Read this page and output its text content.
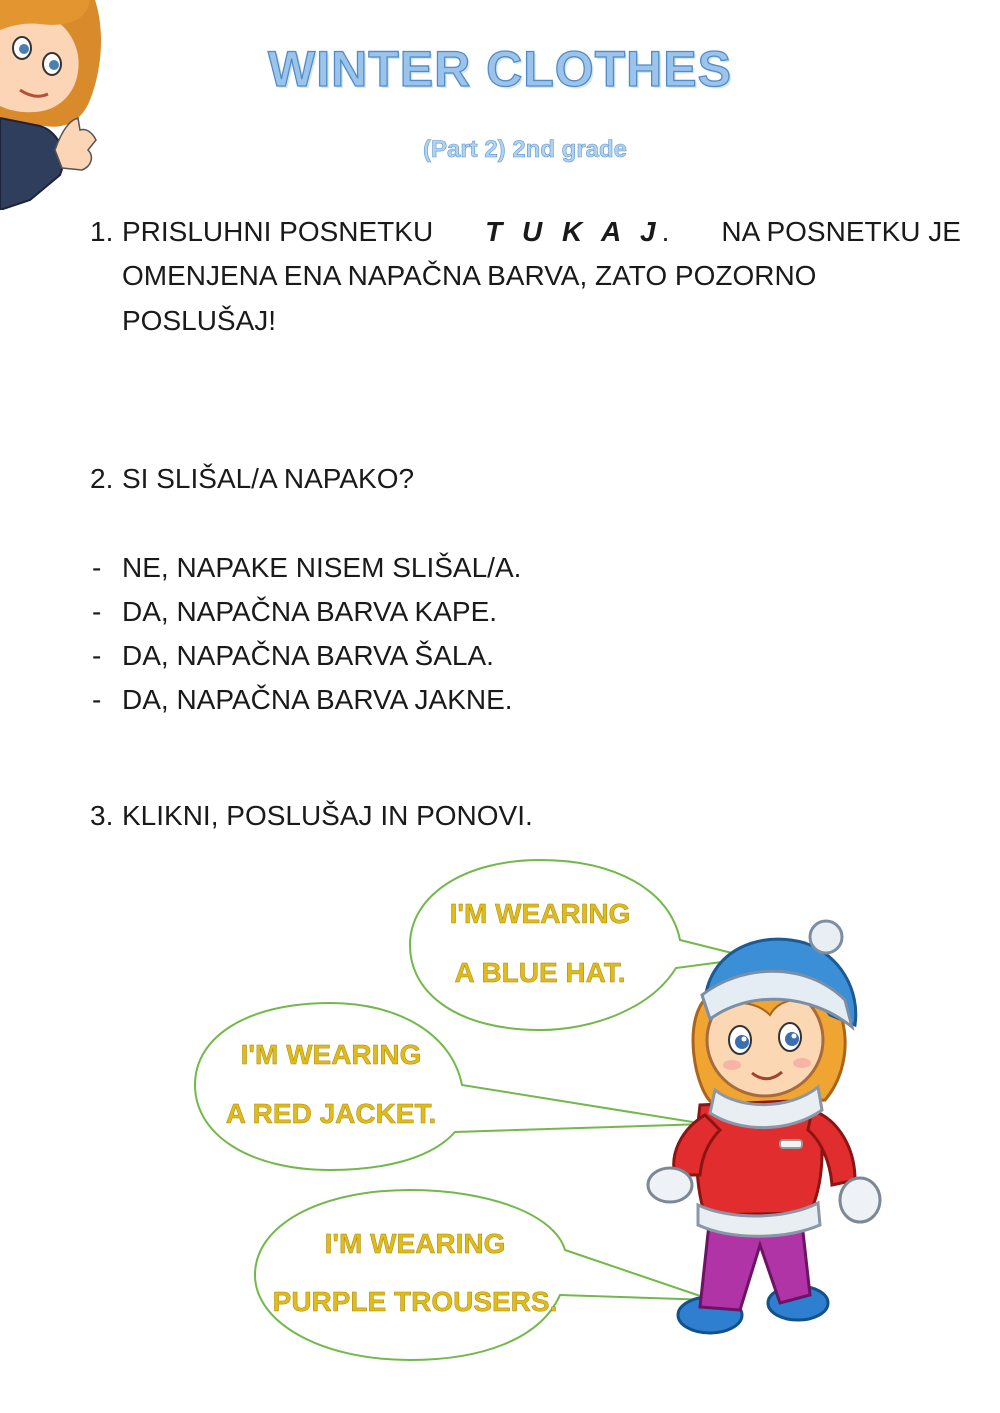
WINTER CLOTHES
(Part 2) 2nd grade
1. PRISLUHNI POSNETKU T U K A J. NA POSNETKU JE
OMENJENA ENA NAPAČNA BARVA, ZATO POZORNO
POSLUŠAJ!
2. SI SLIŠAL/A NAPAKO?
- NE, NAPAKE NISEM SLIŠAL/A.
- DA, NAPAČNA BARVA KAPE.
- DA, NAPAČNA BARVA ŠALA.
- DA, NAPAČNA BARVA JAKNE.
3. KLIKNI, POSLUŠAJ IN PONOVI.
I'M WEARING
A BLUE HAT.
I'M WEARING
A RED JACKET.
I'M WEARING
PURPLE TROUSERS.
